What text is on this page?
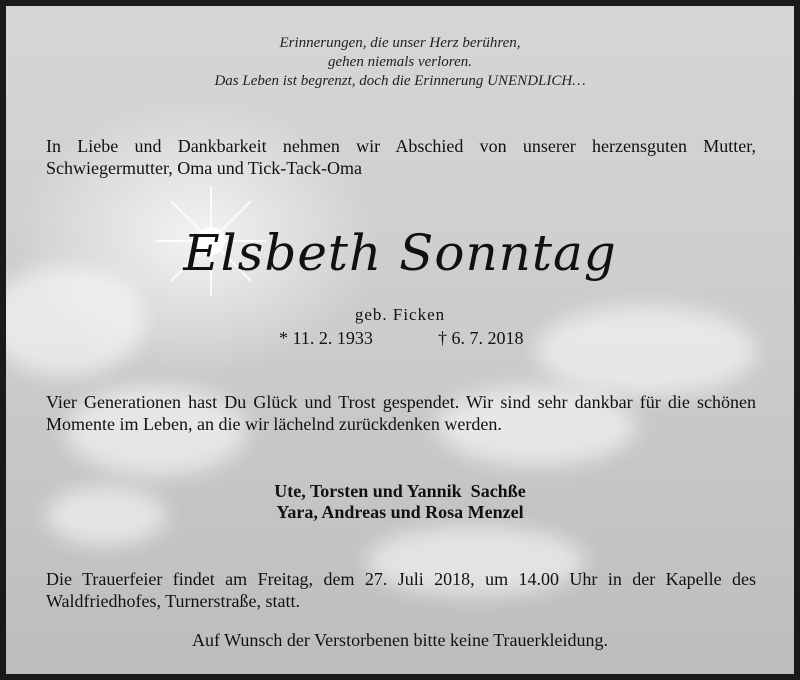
Erinnerungen, die unser Herz berühren,
gehen niemals verloren.
Das Leben ist begrenzt, doch die Erinnerung UNENDLICH…
In Liebe und Dankbarkeit nehmen wir Abschied von unserer herzensguten Mutter, Schwiegermutter, Oma und Tick-Tack-Oma
Elsbeth Sonntag
geb. Ficken
* 11. 2. 1933	† 6. 7. 2018
Vier Generationen hast Du Glück und Trost gespendet. Wir sind sehr dankbar für die schönen Momente im Leben, an die wir lächelnd zurückdenken werden.
Ute, Torsten und Yannik  Sachße
Yara, Andreas und Rosa Menzel
Die Trauerfeier findet am Freitag, dem 27. Juli 2018, um 14.00 Uhr in der Kapelle des Waldfriedhofes, Turnerstraße, statt.
Auf Wunsch der Verstorbenen bitte keine Trauerkleidung.
